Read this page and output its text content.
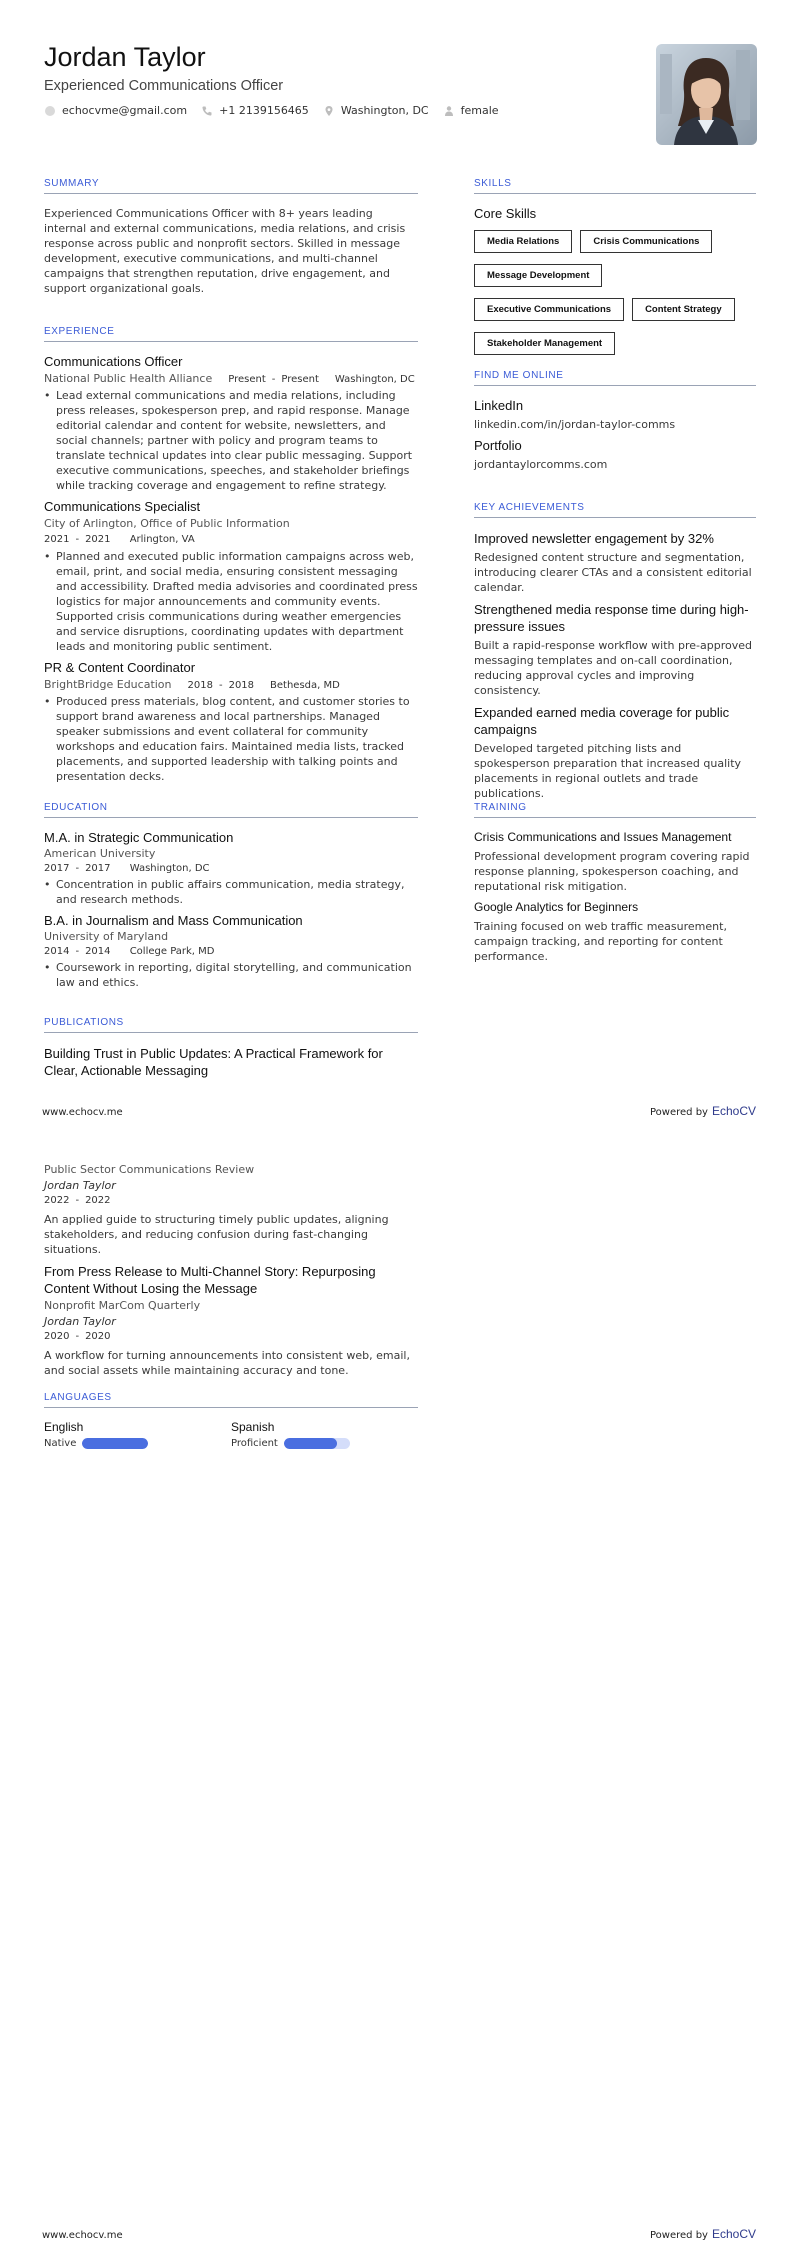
Jordan Taylor
Experienced Communications Officer
echocvme@gmail.com	+1 2139156465	Washington, DC	female
SUMMARY
Experienced Communications Officer with 8+ years leading internal and external communications, media relations, and crisis response across public and nonprofit sectors. Skilled in message development, executive communications, and multi-channel campaigns that strengthen reputation, drive engagement, and support organizational goals.
EXPERIENCE
Communications Officer
National Public Health Alliance Present - Present Washington, DC
• Lead external communications and media relations, including press releases, spokesperson prep, and rapid response. Manage editorial calendar and content for website, newsletters, and social channels; partner with policy and program teams to translate technical updates into clear public messaging. Support executive communications, speeches, and stakeholder briefings while tracking coverage and engagement to refine strategy.
Communications Specialist
City of Arlington, Office of Public Information
2021 - 2021 Arlington, VA
• Planned and executed public information campaigns across web, email, print, and social media, ensuring consistent messaging and accessibility. Drafted media advisories and coordinated press logistics for major announcements and community events. Supported crisis communications during weather emergencies and service disruptions, coordinating updates with department leads and monitoring public sentiment.
PR & Content Coordinator
BrightBridge Education 2018 - 2018 Bethesda, MD
• Produced press materials, blog content, and customer stories to support brand awareness and local partnerships. Managed speaker submissions and event collateral for community workshops and education fairs. Maintained media lists, tracked placements, and supported leadership with talking points and presentation decks.
EDUCATION
M.A. in Strategic Communication
American University
2017 - 2017 Washington, DC
• Concentration in public affairs communication, media strategy, and research methods.
B.A. in Journalism and Mass Communication
University of Maryland
2014 - 2014 College Park, MD
• Coursework in reporting, digital storytelling, and communication law and ethics.
PUBLICATIONS
Building Trust in Public Updates: A Practical Framework for Clear, Actionable Messaging
SKILLS
Core Skills
Media Relations	Crisis Communications
Message Development
Executive Communications	Content Strategy
Stakeholder Management
FIND ME ONLINE
LinkedIn
linkedin.com/in/jordan-taylor-comms
Portfolio
jordantaylorcomms.com
KEY ACHIEVEMENTS
Improved newsletter engagement by 32%
Redesigned content structure and segmentation, introducing clearer CTAs and a consistent editorial calendar.
Strengthened media response time during high-pressure issues
Built a rapid-response workflow with pre-approved messaging templates and on-call coordination, reducing approval cycles and improving consistency.
Expanded earned media coverage for public campaigns
Developed targeted pitching lists and spokesperson preparation that increased quality placements in regional outlets and trade publications.
TRAINING
Crisis Communications and Issues Management
Professional development program covering rapid response planning, spokesperson coaching, and reputational risk mitigation.
Google Analytics for Beginners
Training focused on web traffic measurement, campaign tracking, and reporting for content performance.
www.echocv.me	Powered by EchoCV
Public Sector Communications Review
Jordan Taylor
2022 - 2022
An applied guide to structuring timely public updates, aligning stakeholders, and reducing confusion during fast-changing situations.
From Press Release to Multi-Channel Story: Repurposing Content Without Losing the Message
Nonprofit MarCom Quarterly
Jordan Taylor
2020 - 2020
A workflow for turning announcements into consistent web, email, and social assets while maintaining accuracy and tone.
LANGUAGES
English
Native
Spanish
Proficient
www.echocv.me	Powered by EchoCV
